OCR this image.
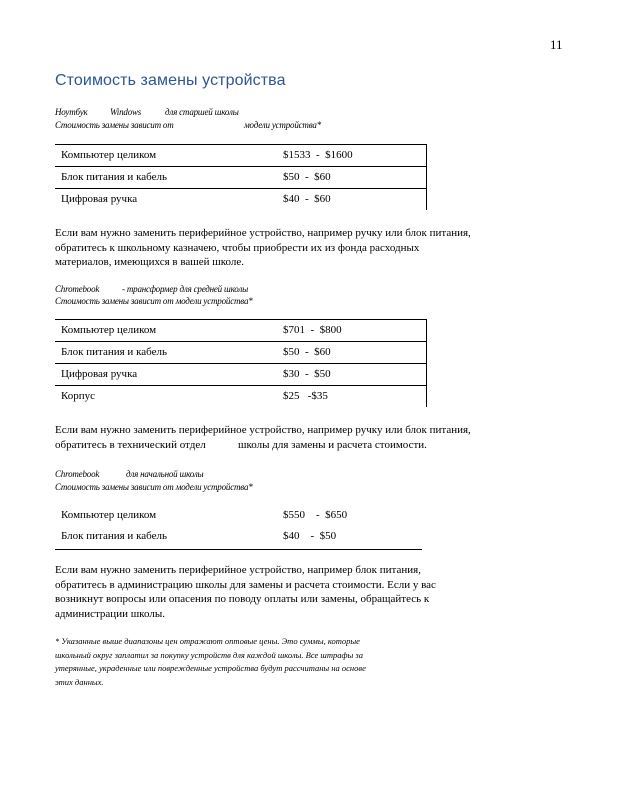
11
Стоимость замены устройства
Ноутбук Windows	для старшей школы
Стоимость замены зависит от	модели устройства*
Компьютер целиком	$1533  -  $1600
Блок питания и кабель	$50  -  $60
Цифровая ручка	$40  -  $60
Если вам нужно заменить периферийное устройство, например ручку или блок питания,
обратитесь к школьному казначею, чтобы приобрести их из фонда расходных
материалов, имеющихся в вашей школе.
Chromebook	- трансформер для средней школы
Стоимость замены зависит от модели устройства*
Компьютер целиком	$701  -  $800
Блок питания и кабель	$50  -  $60
Цифровая ручка	$30  -  $50
Корпус	$25   -$35
Если вам нужно заменить периферийное устройство, например ручку или блок питания,
обратитесь в технический отдел	школы для замены и расчета стоимости.
Chromebook	для начальной школы
Стоимость замены зависит от модели устройства*
Компьютер целиком	$550    -  $650
Блок питания и кабель	$40    -  $50
Если вам нужно заменить периферийное устройство, например блок питания,
обратитесь в администрацию школы для замены и расчета стоимости. Если у вас
возникнут вопросы или опасения по поводу оплаты или замены, обращайтесь к
администрации школы.
* Указанные выше диапазоны цен отражают оптовые цены. Это суммы, которые
школьный округ заплатил за покупку устройств для каждой школы. Все штрафы за
утерянные, украденные или поврежденные устройства будут рассчитаны на основе
этих данных.
